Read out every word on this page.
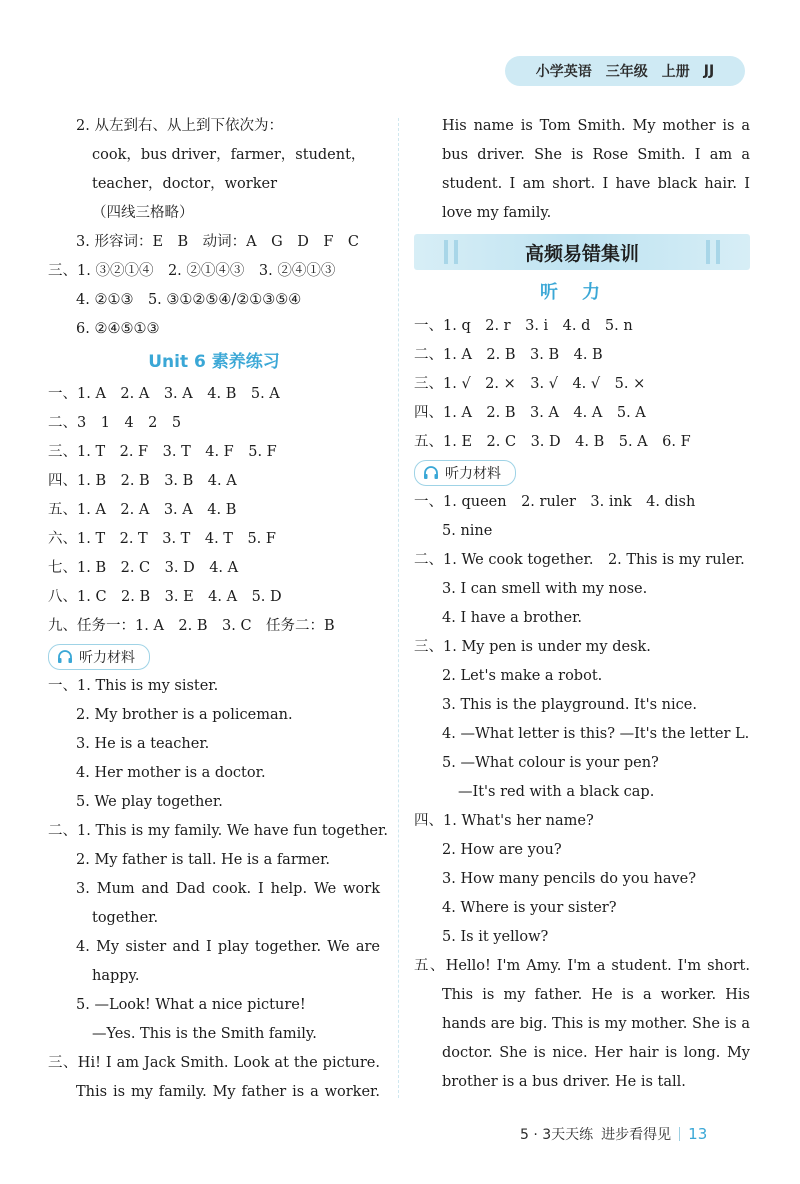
小学英语 三年级 上册 JJ
2. 从左到右、从上到下依次为：
cook，bus driver，farmer，student，
teacher，doctor，worker
（四线三格略）
3. 形容词：E　B　动词：A　G　D　F　C
三、1. ③②①④　2. ②①④③　3. ②④①③
4. ②①③　5. ③①②⑤④/②①③⑤④
6. ②④⑤①③
Unit 6 素养练习
一、1. A　2. A　3. A　4. B　5. A
二、3　1　4　2　5
三、1. T　2. F　3. T　4. F　5. F
四、1. B　2. B　3. B　4. A
五、1. A　2. A　3. A　4. B
六、1. T　2. T　3. T　4. T　5. F
七、1. B　2. C　3. D　4. A
八、1. C　2. B　3. E　4. A　5. D
九、任务一：1. A　2. B　3. C　任务二：B
听力材料
一、1. This is my sister.
2. My brother is a policeman.
3. He is a teacher.
4. Her mother is a doctor.
5. We play together.
二、1. This is my family. We have fun together.
2. My father is tall. He is a farmer.
3. Mum and Dad cook. I help. We work
together.
4. My sister and I play together. We are
happy.
5. —Look! What a nice picture!
—Yes. This is the Smith family.
三、Hi! I am Jack Smith. Look at the picture.
This is my family. My father is a worker.
His name is Tom Smith. My mother is a
bus driver. She is Rose Smith. I am a
student. I am short. I have black hair. I
love my family.
高频易错集训
听力
一、1. q　2. r　3. i　4. d　5. n
二、1. A　2. B　3. B　4. B
三、1. √　2. ×　3. √　4. √　5. ×
四、1. A　2. B　3. A　4. A　5. A
五、1. E　2. C　3. D　4. B　5. A　6. F
听力材料
一、1. queen　2. ruler　3. ink　4. dish
5. nine
二、1. We cook together.　2. This is my ruler.
3. I can smell with my nose.
4. I have a brother.
三、1. My pen is under my desk.
2. Let's make a robot.
3. This is the playground. It's nice.
4. —What letter is this? —It's the letter L.
5. —What colour is your pen?
—It's red with a black cap.
四、1. What's her name?
2. How are you?
3. How many pencils do you have?
4. Where is your sister?
5. Is it yellow?
五、Hello! I'm Amy. I'm a student. I'm short.
This is my father. He is a worker. His
hands are big. This is my mother. She is a
doctor. She is nice. Her hair is long. My
brother is a bus driver. He is tall.
5 · 3天天练 进步看得见 13
